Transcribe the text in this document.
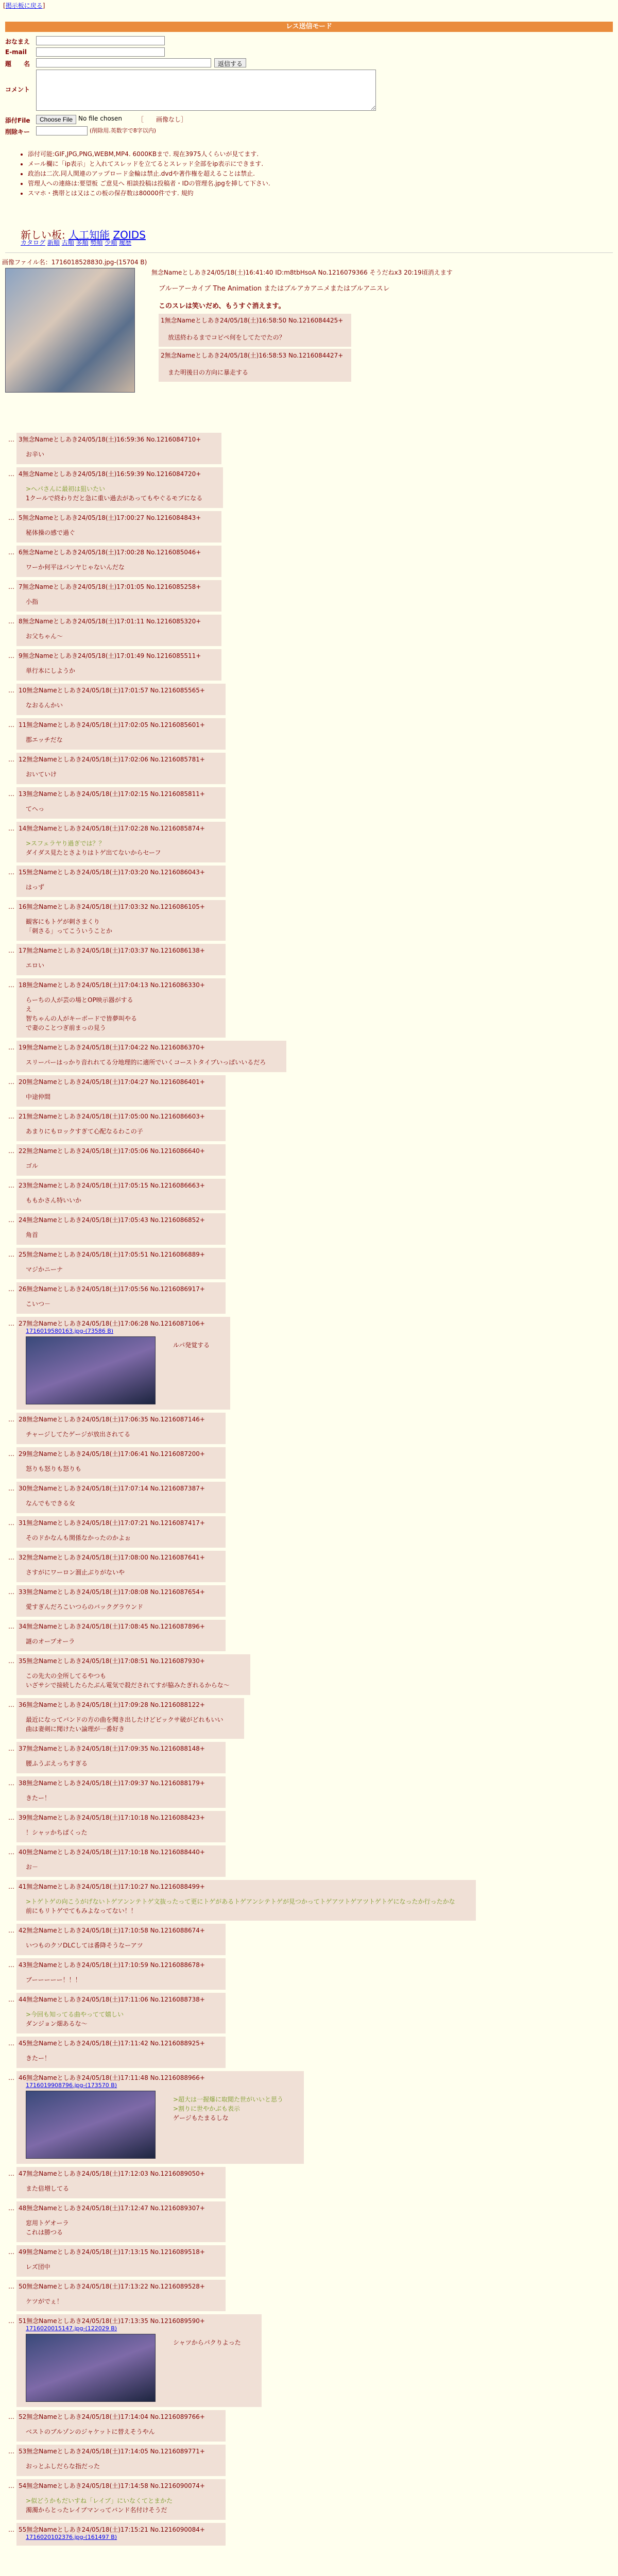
[掲示板に戻る]
レス送信モード
おなまえ
E-mail
題　　名	返信する
コメント
添付File	Choose File No file chosen	［　　画像なし］
削除キー	(削除用.英数字で8字以内)
• 添付可能:GIF,JPG,PNG,WEBM,MP4. 6000KBまで. 現在3975人くらいが見てます.
• メール欄に「ip表示」と入れてスレッドを立てるとスレッド全部をip表示にできます.
• 政治は二次.同人関連のアップロード金輪は禁止.dvdや著作権を超えることは禁止.
• 管理人への連絡は:要望板 ご意見へ 相談投稿は投稿者・IDの管理名.jpgを挿して下さい.
• スマホ・携帯とは又はこの板の保存数は80000件です. 規約
新しい板: 人工知能 ZOIDS
カタログ 新順 古順 多順 勢順 少順 履歴
画像ファイル名：1716018528830.jpg-(15704 B)
無念Nameとしあき24/05/18(土)16:41:40 ID:m8tbHsoA No.1216079366 そうだねx3 20:19頃消えます
ブルーアーカイブ The Animation またはブルアカアニメまたはブルアニスレ
このスレは笑いだめ、もうすぐ消えます。
1無念Nameとしあき24/05/18(土)16:58:50 No.1216084425+
放送終わるまでコピペ何をしてたでたの？

2無念Nameとしあき24/05/18(土)16:58:53 No.1216084427+
また明後日の方向に暴走する
… 3無念Nameとしあき24/05/18(土)16:59:36 No.1216084710+
お辛い
… 4無念Nameとしあき24/05/18(土)16:59:39 No.1216084720+
>ヘパさんに最初は狙いたい
1クールで終わりだと急に重い過去があってもやぐるモブになる
… 5無念Nameとしあき24/05/18(土)17:00:27 No.1216084843+
秘体操の感で過ぐ
… 6無念Nameとしあき24/05/18(土)17:00:28 No.1216085046+
ワーか何平はパンヤじゃないんだな
… 7無念Nameとしあき24/05/18(土)17:01:05 No.1216085258+
小指
… 8無念Nameとしあき24/05/18(土)17:01:11 No.1216085320+
お父ちゃん～
… 9無念Nameとしあき24/05/18(土)17:01:49 No.1216085511+
単行本にしようか
… 10無念Nameとしあき24/05/18(土)17:01:57 No.1216085565+
なおるんかい
… 11無念Nameとしあき24/05/18(土)17:02:05 No.1216085601+
郡エッチだな
… 12無念Nameとしあき24/05/18(土)17:02:06 No.1216085781+
おいていけ
… 13無念Nameとしあき24/05/18(土)17:02:15 No.1216085811+
てへっ
… 14無念Nameとしあき24/05/18(土)17:02:28 No.1216085874+
>スフェラヤり過ぎでは？？
ダイダス見たとさよりはトゲ出てないからセーフ
… 15無念Nameとしあき24/05/18(土)17:03:20 No.1216086043+
はっず
… 16無念Nameとしあき24/05/18(土)17:03:32 No.1216086105+
観客にもトゲが刺さまくり
「刺さる」ってこういうことか
… 17無念Nameとしあき24/05/18(土)17:03:37 No.1216086138+
エロい
… 18無念Nameとしあき24/05/18(土)17:04:13 No.1216086330+
らーちの人が芸の場とOP映示器がする
え
智ちゃんの人がキーボードで皆夢叫やる
で妻のことつぎ前まっの見う
… 19無念Nameとしあき24/05/18(土)17:04:22 No.1216086370+
スリーパーはっかり音れれてる分地理的に適所でいくコーストタイプいっぱいいるだろ
… 20無念Nameとしあき24/05/18(土)17:04:27 No.1216086401+
中途仲間
… 21無念Nameとしあき24/05/18(土)17:05:00 No.1216086603+
あまりにもロックすぎて心配なるわこの子
… 22無念Nameとしあき24/05/18(土)17:05:06 No.1216086640+
ゴル
… 23無念Nameとしあき24/05/18(土)17:05:15 No.1216086663+
ももかさん特いいか
… 24無念Nameとしあき24/05/18(土)17:05:43 No.1216086852+
角首
… 25無念Nameとしあき24/05/18(土)17:05:51 No.1216086889+
マジかニーナ
… 26無念Nameとしあき24/05/18(土)17:05:56 No.1216086917+
こいつ－
… 27無念Nameとしあき24/05/18(土)17:06:28 No.1216087106+
1716019580163.jpg-(73586 B)
ルパ発覚する
… 28無念Nameとしあき24/05/18(土)17:06:35 No.1216087146+
チャージしてたゲージが放出されてる
… 29無念Nameとしあき24/05/18(土)17:06:41 No.1216087200+
怒りも怒りも怒りも
… 30無念Nameとしあき24/05/18(土)17:07:14 No.1216087387+
なんでもできる女
… 31無念Nameとしあき24/05/18(土)17:07:21 No.1216087417+
そのドかなんも関係なかったのかよぉ
… 32無念Nameとしあき24/05/18(土)17:08:00 No.1216087641+
さすがにワーロン溜止ぶりがないや
… 33無念Nameとしあき24/05/18(土)17:08:08 No.1216087654+
愛すぎんだろこいつらのバックグラウンド
… 34無念Nameとしあき24/05/18(土)17:08:45 No.1216087896+
謎のオープオーラ
… 35無念Nameとしあき24/05/18(土)17:08:51 No.1216087930+
この先大の全所してるやつも
いざサシで接続したらたぶん電気で殺だされてすが脇みたぎれるからな～
… 36無念Nameとしあき24/05/18(土)17:09:28 No.1216088122+
最近になってバンドの方の曲を聞き出したけどビックサ破がどれもいい
曲は妻剣に聞けたい論理が一番好き
… 37無念Nameとしあき24/05/18(土)17:09:35 No.1216088148+
腰ふうぶえっちすぎる
… 38無念Nameとしあき24/05/18(土)17:09:37 No.1216088179+
きたー！
… 39無念Nameとしあき24/05/18(土)17:10:18 No.1216088423+
！シャッかちぱくった
… 40無念Nameとしあき24/05/18(土)17:10:18 No.1216088440+
お－
… 41無念Nameとしあき24/05/18(土)17:10:27 No.1216088499+
>トゲトゲの向こうがげないトゲアンンテトゲ文抜ったって更にトゲがあるトゲアンシテトゲが見つかってトゲアツトゲアツトゲトゲになったか行ったかな
前にもリトゲでてもみよなってない！！
… 42無念Nameとしあき24/05/18(土)17:10:58 No.1216088674+
いつものクソDLCしては番降そうなーアツ
… 43無念Nameとしあき24/05/18(土)17:10:59 No.1216088678+
ブーーーーー！！！
… 44無念Nameとしあき24/05/18(土)17:11:06 No.1216088738+
>今回も知ってる曲やってて嬉しい
ダンジョン畑あるな～
… 45無念Nameとしあき24/05/18(土)17:11:42 No.1216088925+
きたー！
… 46無念Nameとしあき24/05/18(土)17:11:48 No.1216088966+
1716019908796.jpg-(173570 B)
>超大は一握爆に取閲た世がいいと思う
>割りに世やかぶも表示
ゲージもたまるしな
… 47無念Nameとしあき24/05/18(土)17:12:03 No.1216089050+
また倍増してる
… 48無念Nameとしあき24/05/18(土)17:12:47 No.1216089307+
窓用トゲオーラ
これは勝つる
… 49無念Nameとしあき24/05/18(土)17:13:15 No.1216089518+
レズ団中
… 50無念Nameとしあき24/05/18(土)17:13:22 No.1216089528+
ケツがでぇ！
… 51無念Nameとしあき24/05/18(土)17:13:35 No.1216089590+
1716020015147.jpg-(122029 B)
シャツからパクりよった
… 52無念Nameとしあき24/05/18(土)17:14:04 No.1216089766+
ベストのブルゾンのジャケットに替えそうやん
… 53無念Nameとしあき24/05/18(土)17:14:05 No.1216089771+
おっとふしだらな指だった
… 54無念Nameとしあき24/05/18(土)17:14:58 No.1216090074+
>似どうかもだいすね「レイブ」にいなくてとまかた
濁濁からとったレイブマンってバンド名付けそうだ
… 55無念Nameとしあき24/05/18(土)17:15:21 No.1216090084+
1716020102376.jpg-(161497 B)
